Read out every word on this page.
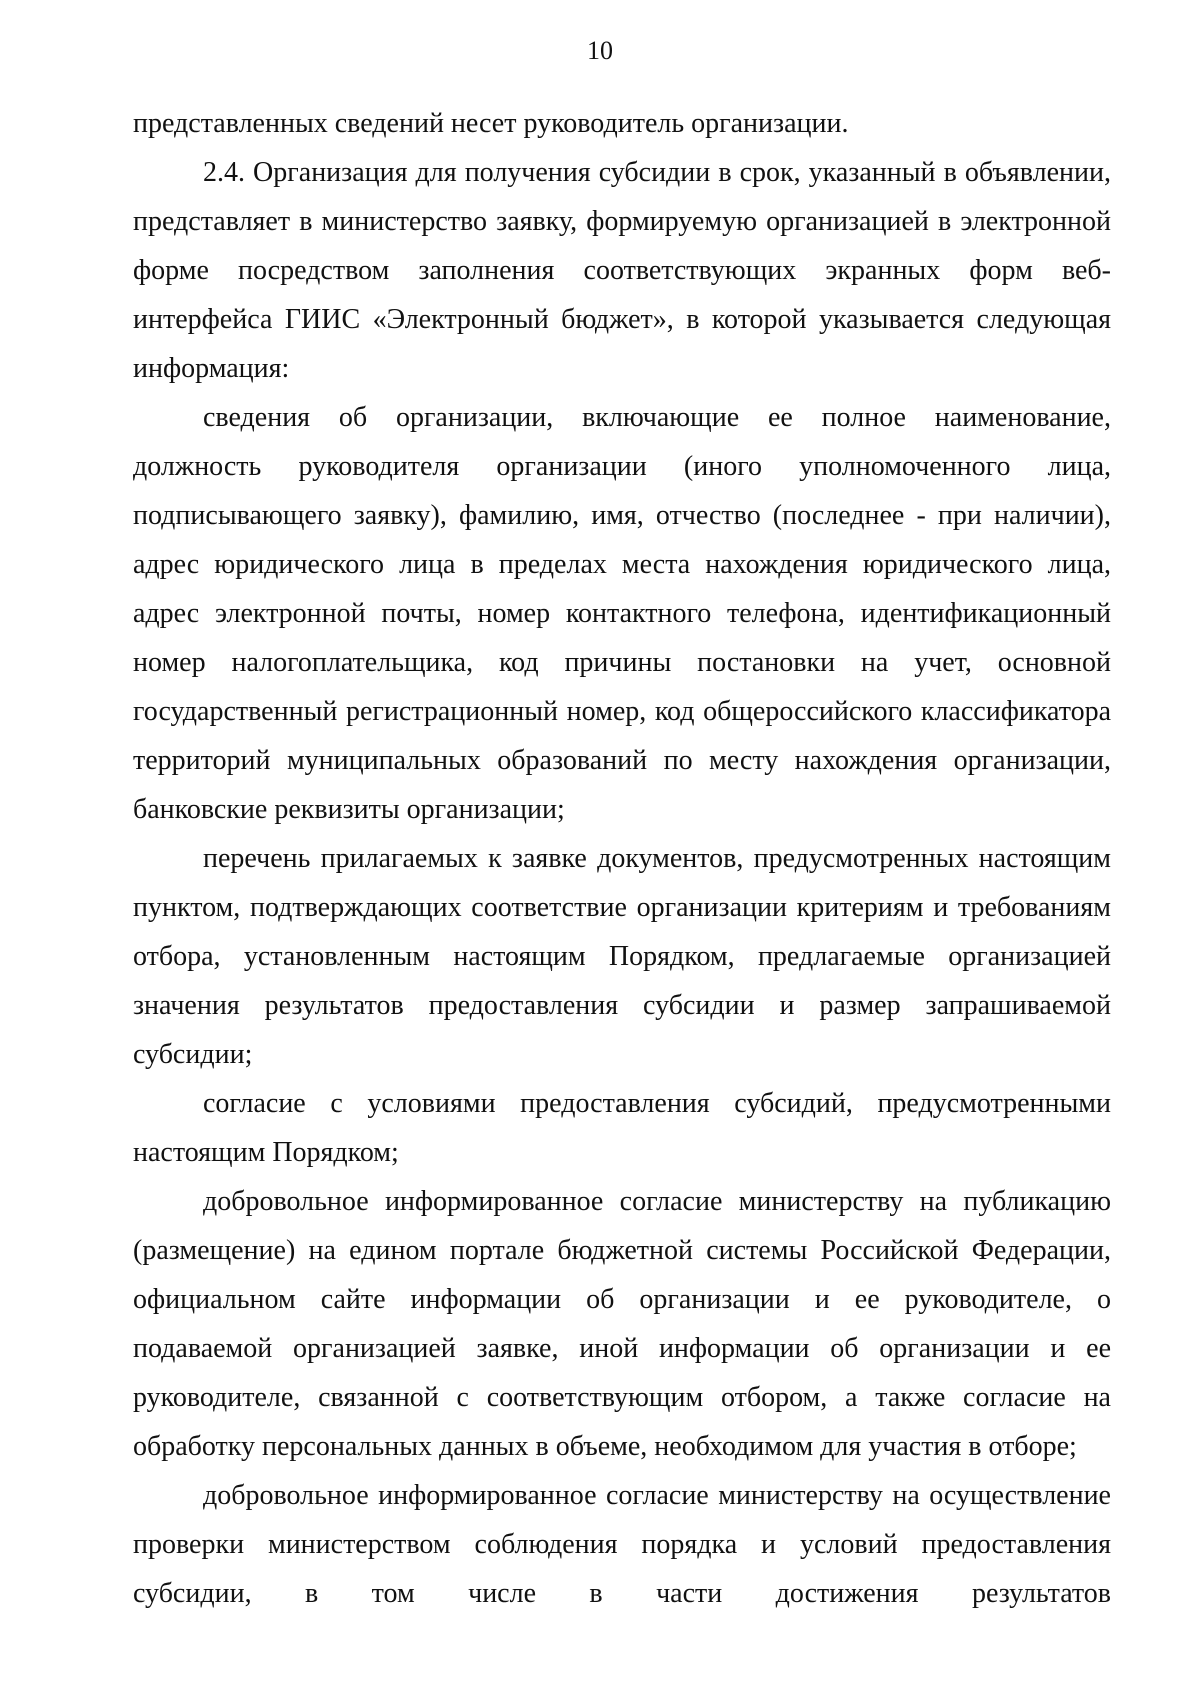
10

представленных сведений несет руководитель организации.

2.4. Организация для получения субсидии в срок, указанный в объявлении, представляет в министерство заявку, формируемую организацией в электронной форме посредством заполнения соответствующих экранных форм веб-интерфейса ГИИС «Электронный бюджет», в которой указывается следующая информация:

сведения об организации, включающие ее полное наименование, должность руководителя организации (иного уполномоченного лица, подписывающего заявку), фамилию, имя, отчество (последнее - при наличии), адрес юридического лица в пределах места нахождения юридического лица, адрес электронной почты, номер контактного телефона, идентификационный номер налогоплательщика, код причины постановки на учет, основной государственный регистрационный номер, код общероссийского классификатора территорий муниципальных образований по месту нахождения организации, банковские реквизиты организации;

перечень прилагаемых к заявке документов, предусмотренных настоящим пунктом, подтверждающих соответствие организации критериям и требованиям отбора, установленным настоящим Порядком, предлагаемые организацией значения результатов предоставления субсидии и размер запрашиваемой субсидии;

согласие с условиями предоставления субсидий, предусмотренными настоящим Порядком;

добровольное информированное согласие министерству на публикацию (размещение) на едином портале бюджетной системы Российской Федерации, официальном сайте информации об организации и ее руководителе, о подаваемой организацией заявке, иной информации об организации и ее руководителе, связанной с соответствующим отбором, а также согласие на обработку персональных данных в объеме, необходимом для участия в отборе;

добровольное информированное согласие министерству на осуществление проверки министерством соблюдения порядка и условий предоставления субсидии, в том числе в части достижения результатов
